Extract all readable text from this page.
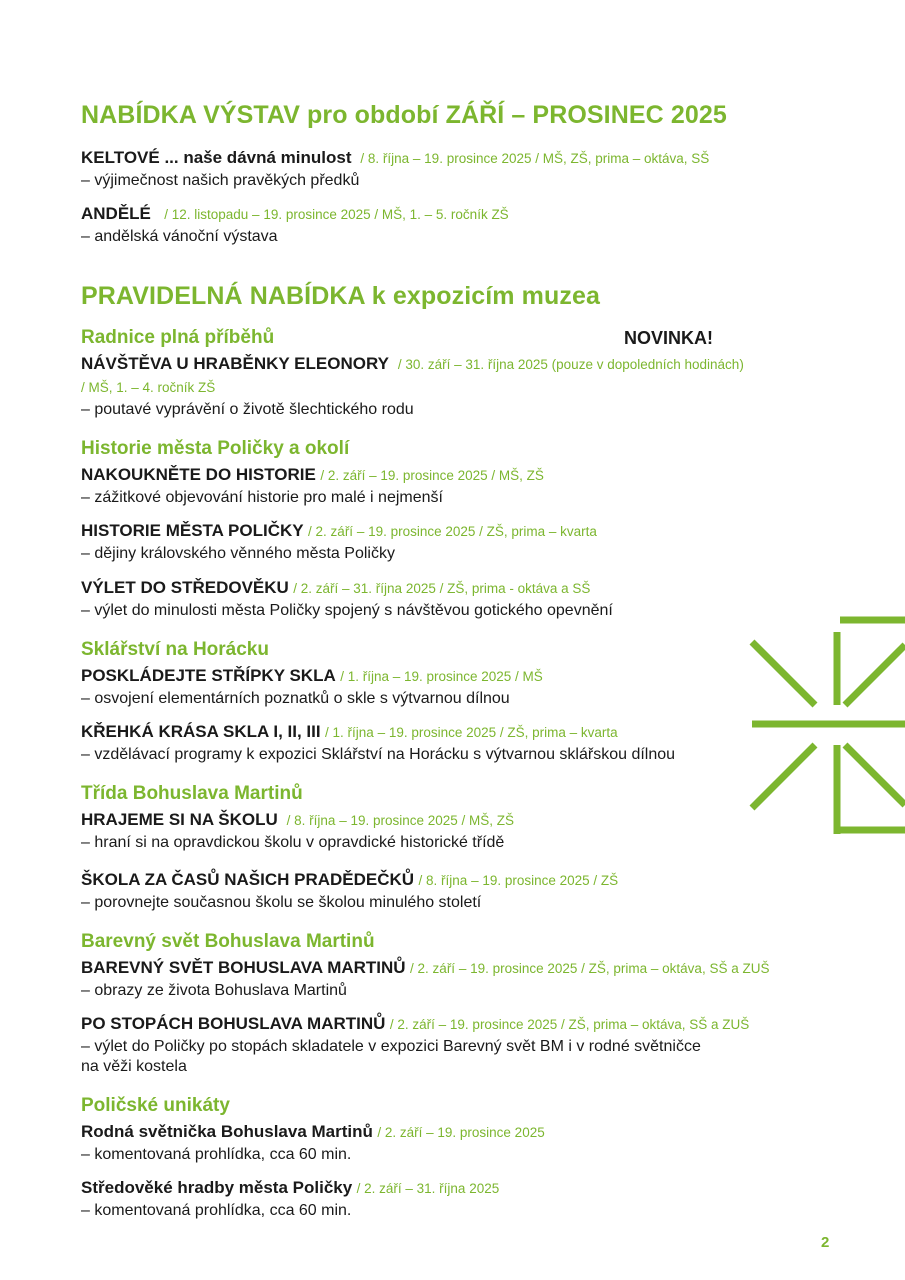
NABÍDKA VÝSTAV pro období ZÁŘÍ – PROSINEC 2025

KELTOVÉ ... naše dávná minulost / 8. října – 19. prosince 2025 / MŠ, ZŠ, prima – oktáva, SŠ

– výjimečnost našich pravěkých předků

ANDĚLÉ / 12. listopadu – 19. prosince 2025 / MŠ, 1. – 5. ročník ZŠ

– andělská vánoční výstava

PRAVIDELNÁ NABÍDKA k expozicím muzea
Radnice plná příběhů	NOVINKA!

NÁVŠTĚVA U HRABĚNKY ELEONORY / 30. září – 31. října 2025 (pouze v dopoledních hodinách)

/ MŠ, 1. – 4. ročník ZŠ

– poutavé vyprávění o životě šlechtického rodu

Historie města Poličky a okolí

NAKOUKNĚTE DO HISTORIE / 2. září – 19. prosince 2025 / MŠ, ZŠ

– zážitkové objevování historie pro malé i nejmenší

HISTORIE MĚSTA POLIČKY / 2. září – 19. prosince 2025 / ZŠ, prima – kvarta

– dějiny královského věnného města Poličky

VÝLET DO STŘEDOVĚKU / 2. září – 31. října 2025 / ZŠ, prima - oktáva a SŠ

– výlet do minulosti města Poličky spojený s návštěvou gotického opevnění

Sklářství na Horácku

POSKLÁDEJTE STŘÍPKY SKLA / 1. října – 19. prosince 2025 / MŠ

– osvojení elementárních poznatků o skle s výtvarnou dílnou

KŘEHKÁ KRÁSA SKLA I, II, III / 1. října – 19. prosince 2025 / ZŠ, prima – kvarta

– vzdělávací programy k expozici Sklářství na Horácku s výtvarnou sklářskou dílnou

Třída Bohuslava Martinů

HRAJEME SI NA ŠKOLU / 8. října – 19. prosince 2025 / MŠ, ZŠ

– hraní si na opravdickou školu v opravdické historické třídě

ŠKOLA ZA ČASŮ NAŠICH PRADĚDEČKŮ / 8. října – 19. prosince 2025 / ZŠ

– porovnejte současnou školu se školou minulého století

Barevný svět Bohuslava Martinů

BAREVNÝ SVĚT BOHUSLAVA MARTINŮ / 2. září – 19. prosince 2025 / ZŠ, prima – oktáva, SŠ a ZUŠ

– obrazy ze života Bohuslava Martinů

PO STOPÁCH BOHUSLAVA MARTINŮ / 2. září – 19. prosince 2025 / ZŠ, prima – oktáva, SŠ a ZUŠ

– výlet do Poličky po stopách skladatele v expozici Barevný svět BM i v rodné světničce

na věži kostela

Poličské unikáty

Rodná světnička Bohuslava Martinů / 2. září – 19. prosince 2025

– komentovaná prohlídka, cca 60 min.

Středověké hradby města Poličky / 2. září – 31. října 2025

– komentovaná prohlídka, cca 60 min.

2
